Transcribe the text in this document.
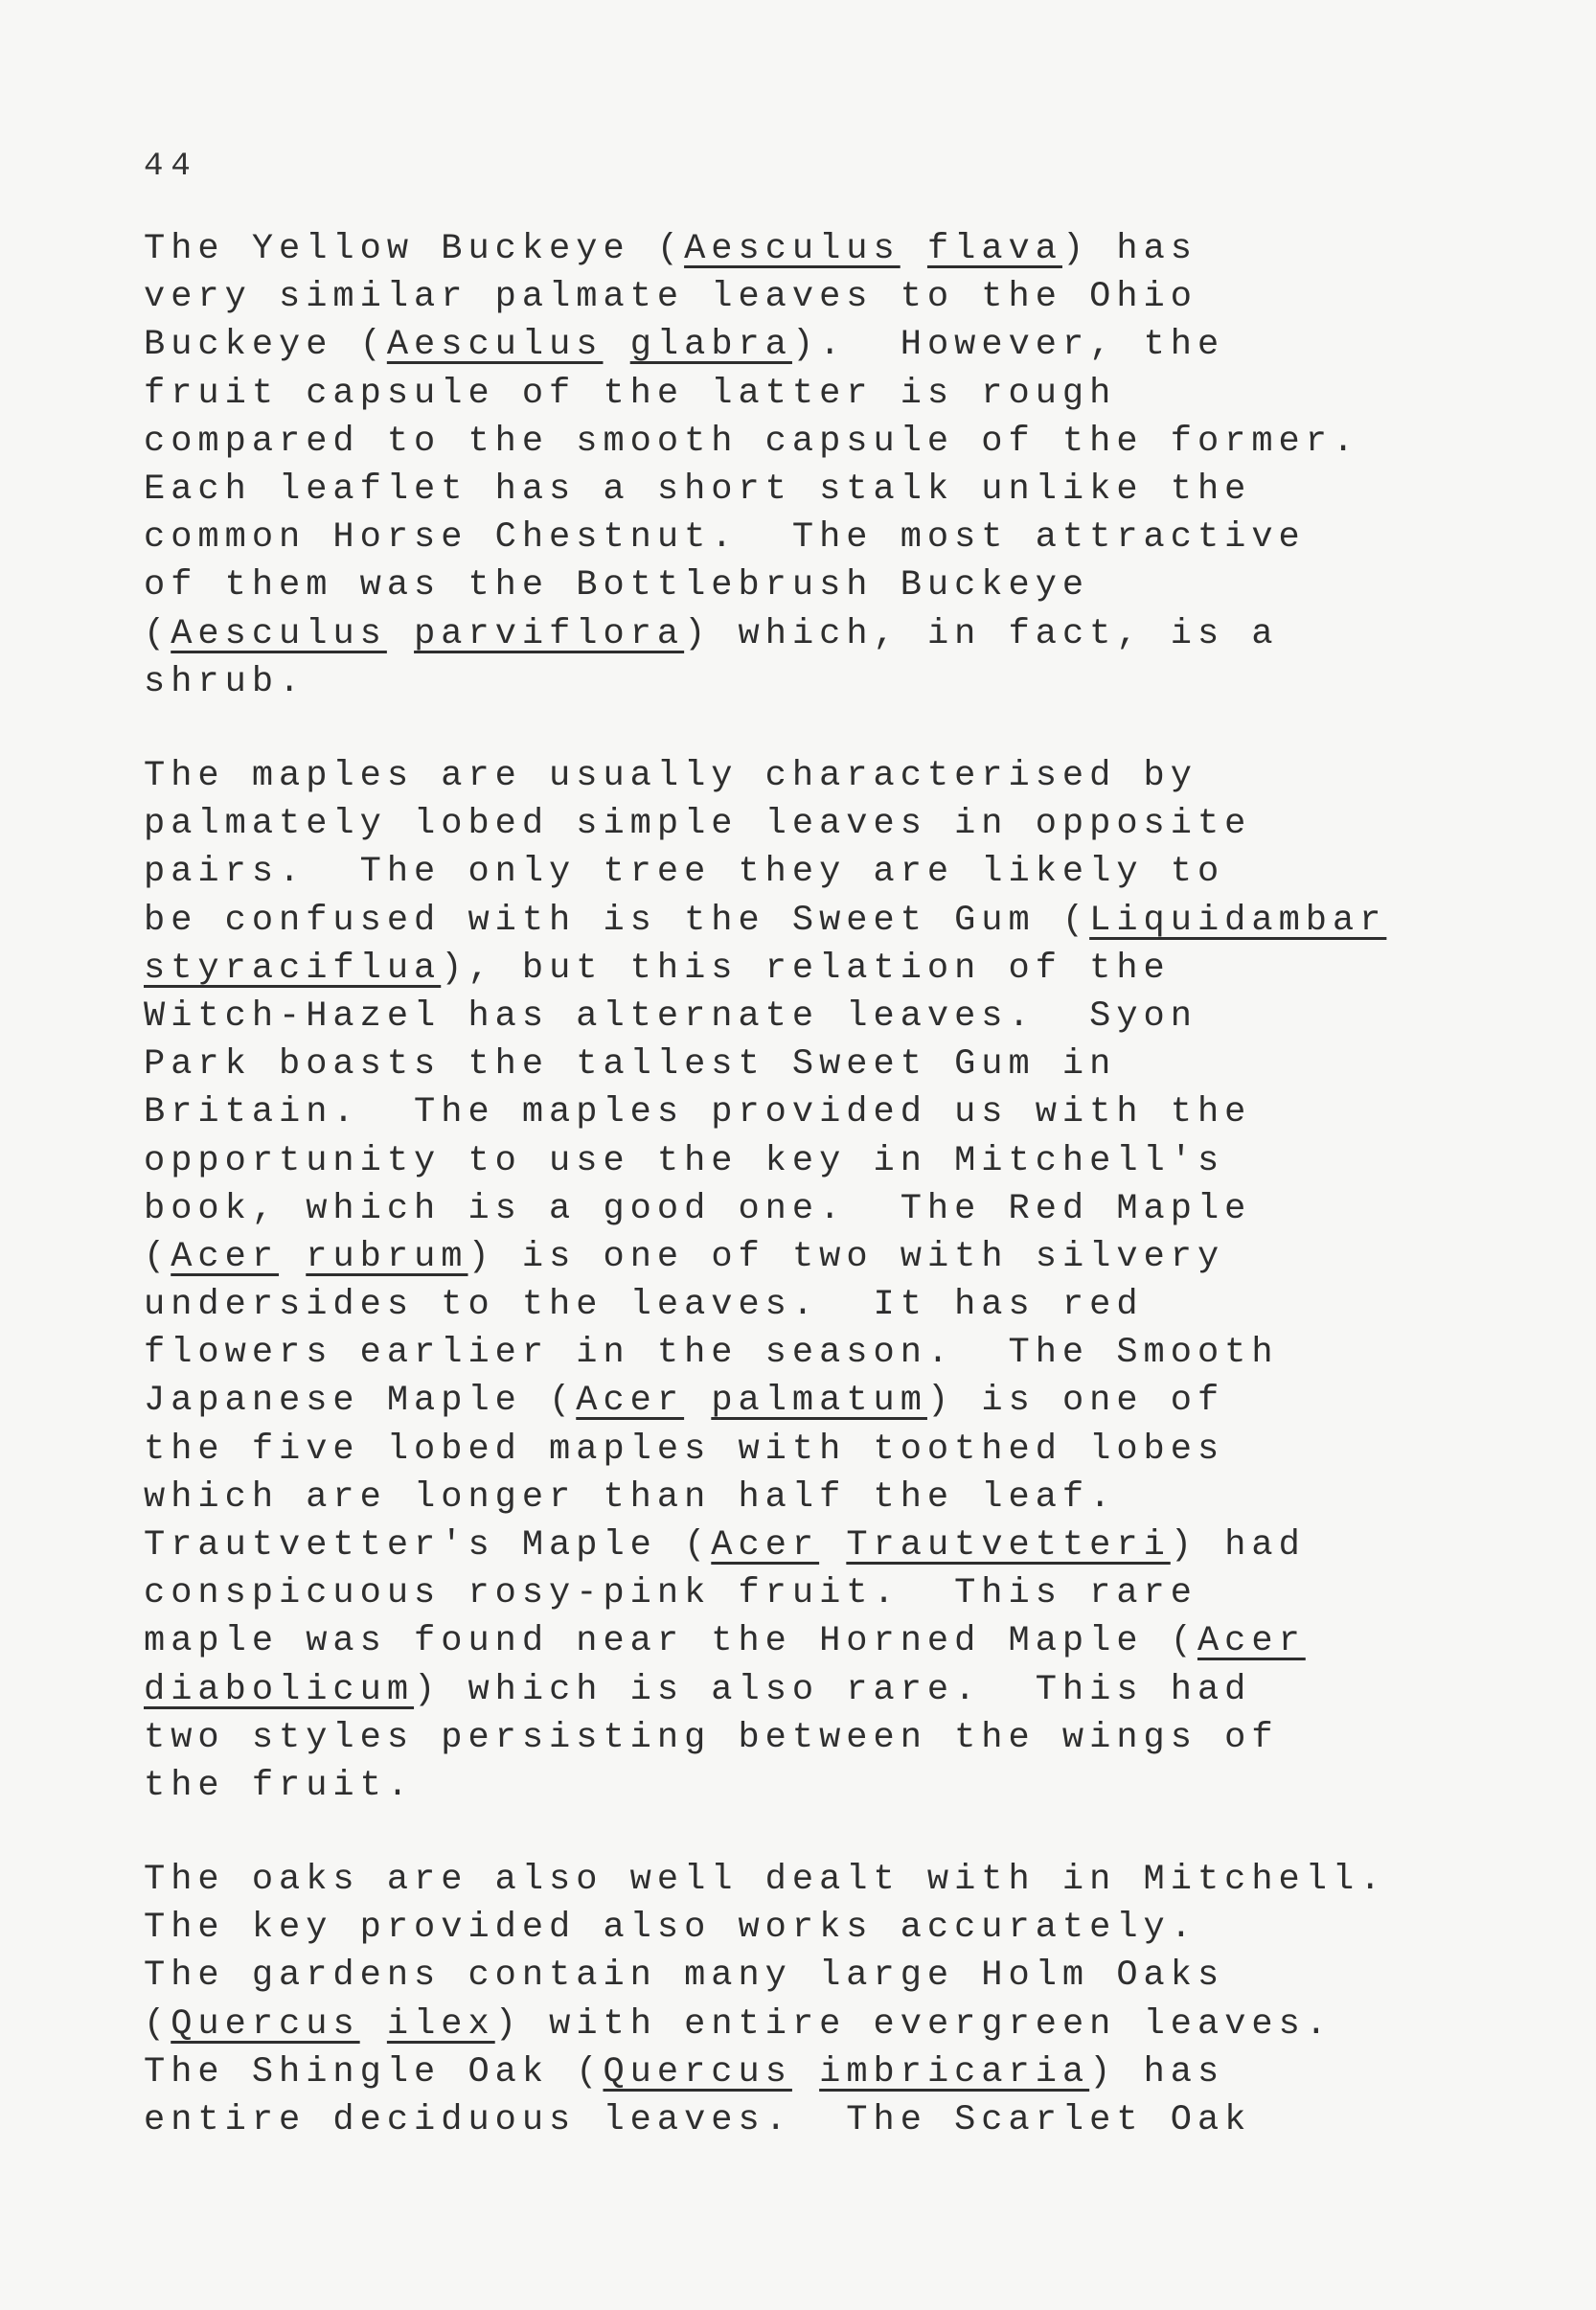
44
The Yellow Buckeye (Aesculus flava) has
very similar palmate leaves to the Ohio
Buckeye (Aesculus glabra).  However, the
fruit capsule of the latter is rough
compared to the smooth capsule of the former.
Each leaflet has a short stalk unlike the
common Horse Chestnut.  The most attractive
of them was the Bottlebrush Buckeye
(Aesculus parviflora) which, in fact, is a
shrub.
The maples are usually characterised by
palmately lobed simple leaves in opposite
pairs.  The only tree they are likely to
be confused with is the Sweet Gum (Liquidambar
styraciflua), but this relation of the
Witch-Hazel has alternate leaves.  Syon
Park boasts the tallest Sweet Gum in
Britain.  The maples provided us with the
opportunity to use the key in Mitchell's
book, which is a good one.  The Red Maple
(Acer rubrum) is one of two with silvery
undersides to the leaves.  It has red
flowers earlier in the season.  The Smooth
Japanese Maple (Acer palmatum) is one of
the five lobed maples with toothed lobes
which are longer than half the leaf.
Trautvetter's Maple (Acer Trautvetteri) had
conspicuous rosy-pink fruit.  This rare
maple was found near the Horned Maple (Acer
diabolicum) which is also rare.  This had
two styles persisting between the wings of
the fruit.
The oaks are also well dealt with in Mitchell.
The key provided also works accurately.
The gardens contain many large Holm Oaks
(Quercus ilex) with entire evergreen leaves.
The Shingle Oak (Quercus imbricaria) has
entire deciduous leaves.  The Scarlet Oak
